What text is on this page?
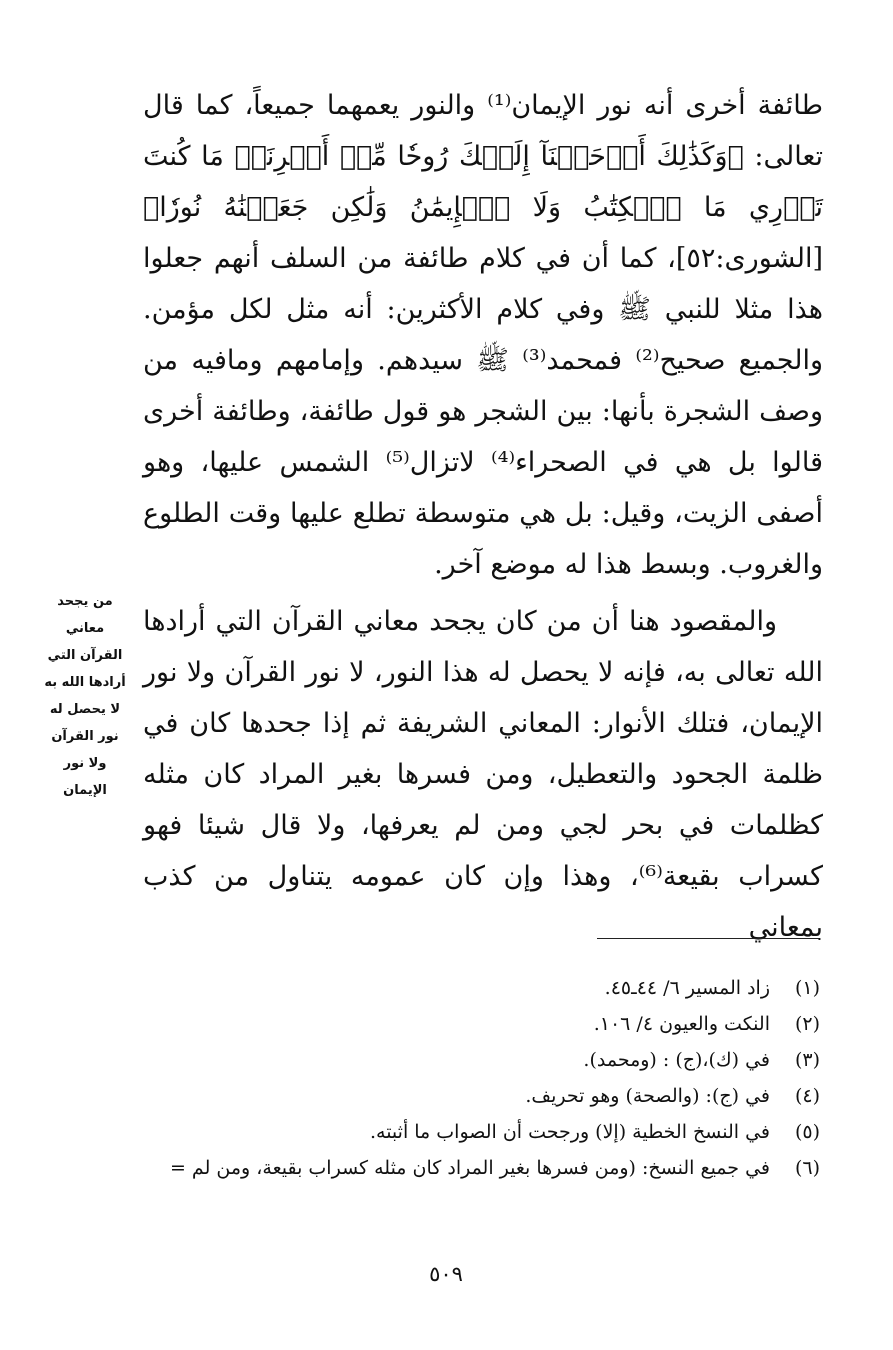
طائفة أخرى أنه نور الإيمان⁽¹⁾ والنور يعمهما جميعاً، كما قال تعالى: ﴿وَكَذَٰلِكَ أَوۡحَيۡنَآ إِلَيۡكَ رُوحٗا مِّنۡ أَمۡرِنَاۚ مَا كُنتَ تَدۡرِي مَا ٱلۡكِتَٰبُ وَلَا ٱلۡإِيمَٰنُ وَلَٰكِن جَعَلۡنَٰهُ نُورٗا﴾ [الشورى:٥٢]، كما أن في كلام طائفة من السلف أنهم جعلوا هذا مثلا للنبي ﷺ وفي كلام الأكثرين: أنه مثل لكل مؤمن. والجميع صحيح⁽²⁾ فمحمد⁽³⁾ ﷺ سيدهم. وإمامهم ومافيه من وصف الشجرة بأنها: بين الشجر هو قول طائفة، وطائفة أخرى قالوا بل هي في الصحراء⁽⁴⁾ لاتزال⁽⁵⁾ الشمس عليها، وهو أصفى الزيت، وقيل: بل هي متوسطة تطلع عليها وقت الطلوع والغروب. وبسط هذا له موضع آخر.

والمقصود هنا أن من كان يجحد معاني القرآن التي أرادها الله تعالى به، فإنه لا يحصل له هذا النور، لا نور القرآن ولا نور الإيمان، فتلك الأنوار: المعاني الشريفة ثم إذا جحدها كان في ظلمة الجحود والتعطيل، ومن فسرها بغير المراد كان مثله كظلمات في بحر لجي ومن لم يعرفها، ولا قال شيئا فهو كسراب بقيعة⁽⁶⁾، وهذا وإن كان عمومه يتناول من كذب بمعاني

من يجحد معاني القرآن التي أرادها الله به لا يحصل له نور القرآن ولا نور الإيمان
(١)
زاد المسير ٦/ ٤٤ـ٤٥.
(٢)
النكت والعيون ٤/ ١٠٦.
(٣)
في (ك)،(ج) : (ومحمد).
(٤)
في (ج): (والصحة) وهو تحريف.
(٥)
في النسخ الخطية (إلا) ورجحت أن الصواب ما أثبته.
(٦)
في جميع النسخ: (ومن فسرها بغير المراد كان مثله كسراب بقيعة، ومن لم =
٥٠٩
